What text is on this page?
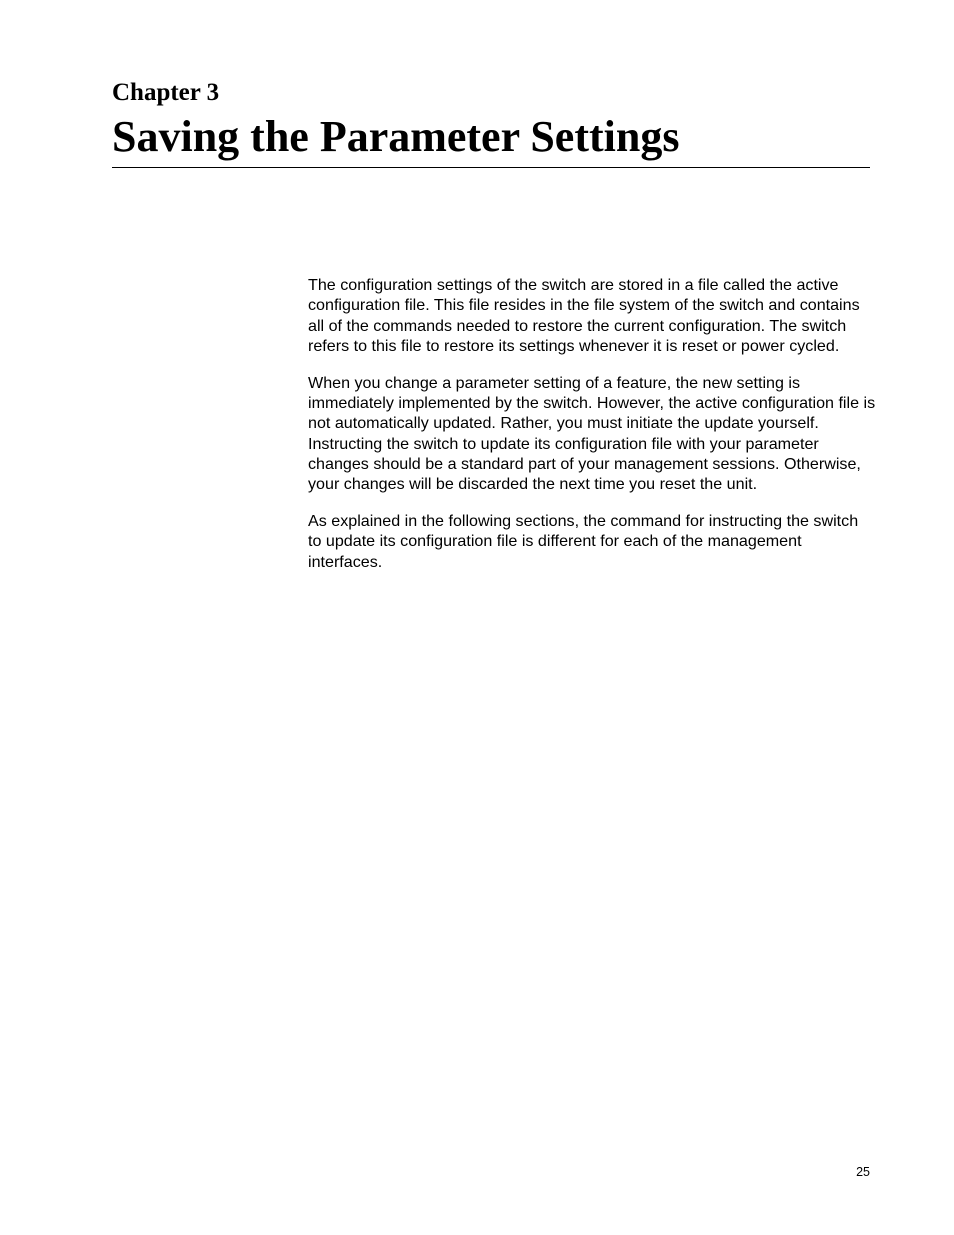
Chapter 3
Saving the Parameter Settings

The configuration settings of the switch are stored in a file called the active configuration file. This file resides in the file system of the switch and contains all of the commands needed to restore the current configuration. The switch refers to this file to restore its settings whenever it is reset or power cycled.

When you change a parameter setting of a feature, the new setting is immediately implemented by the switch. However, the active configuration file is not automatically updated. Rather, you must initiate the update yourself. Instructing the switch to update its configuration file with your parameter changes should be a standard part of your management sessions. Otherwise, your changes will be discarded the next time you reset the unit.

As explained in the following sections, the command for instructing the switch to update its configuration file is different for each of the management interfaces.

25
